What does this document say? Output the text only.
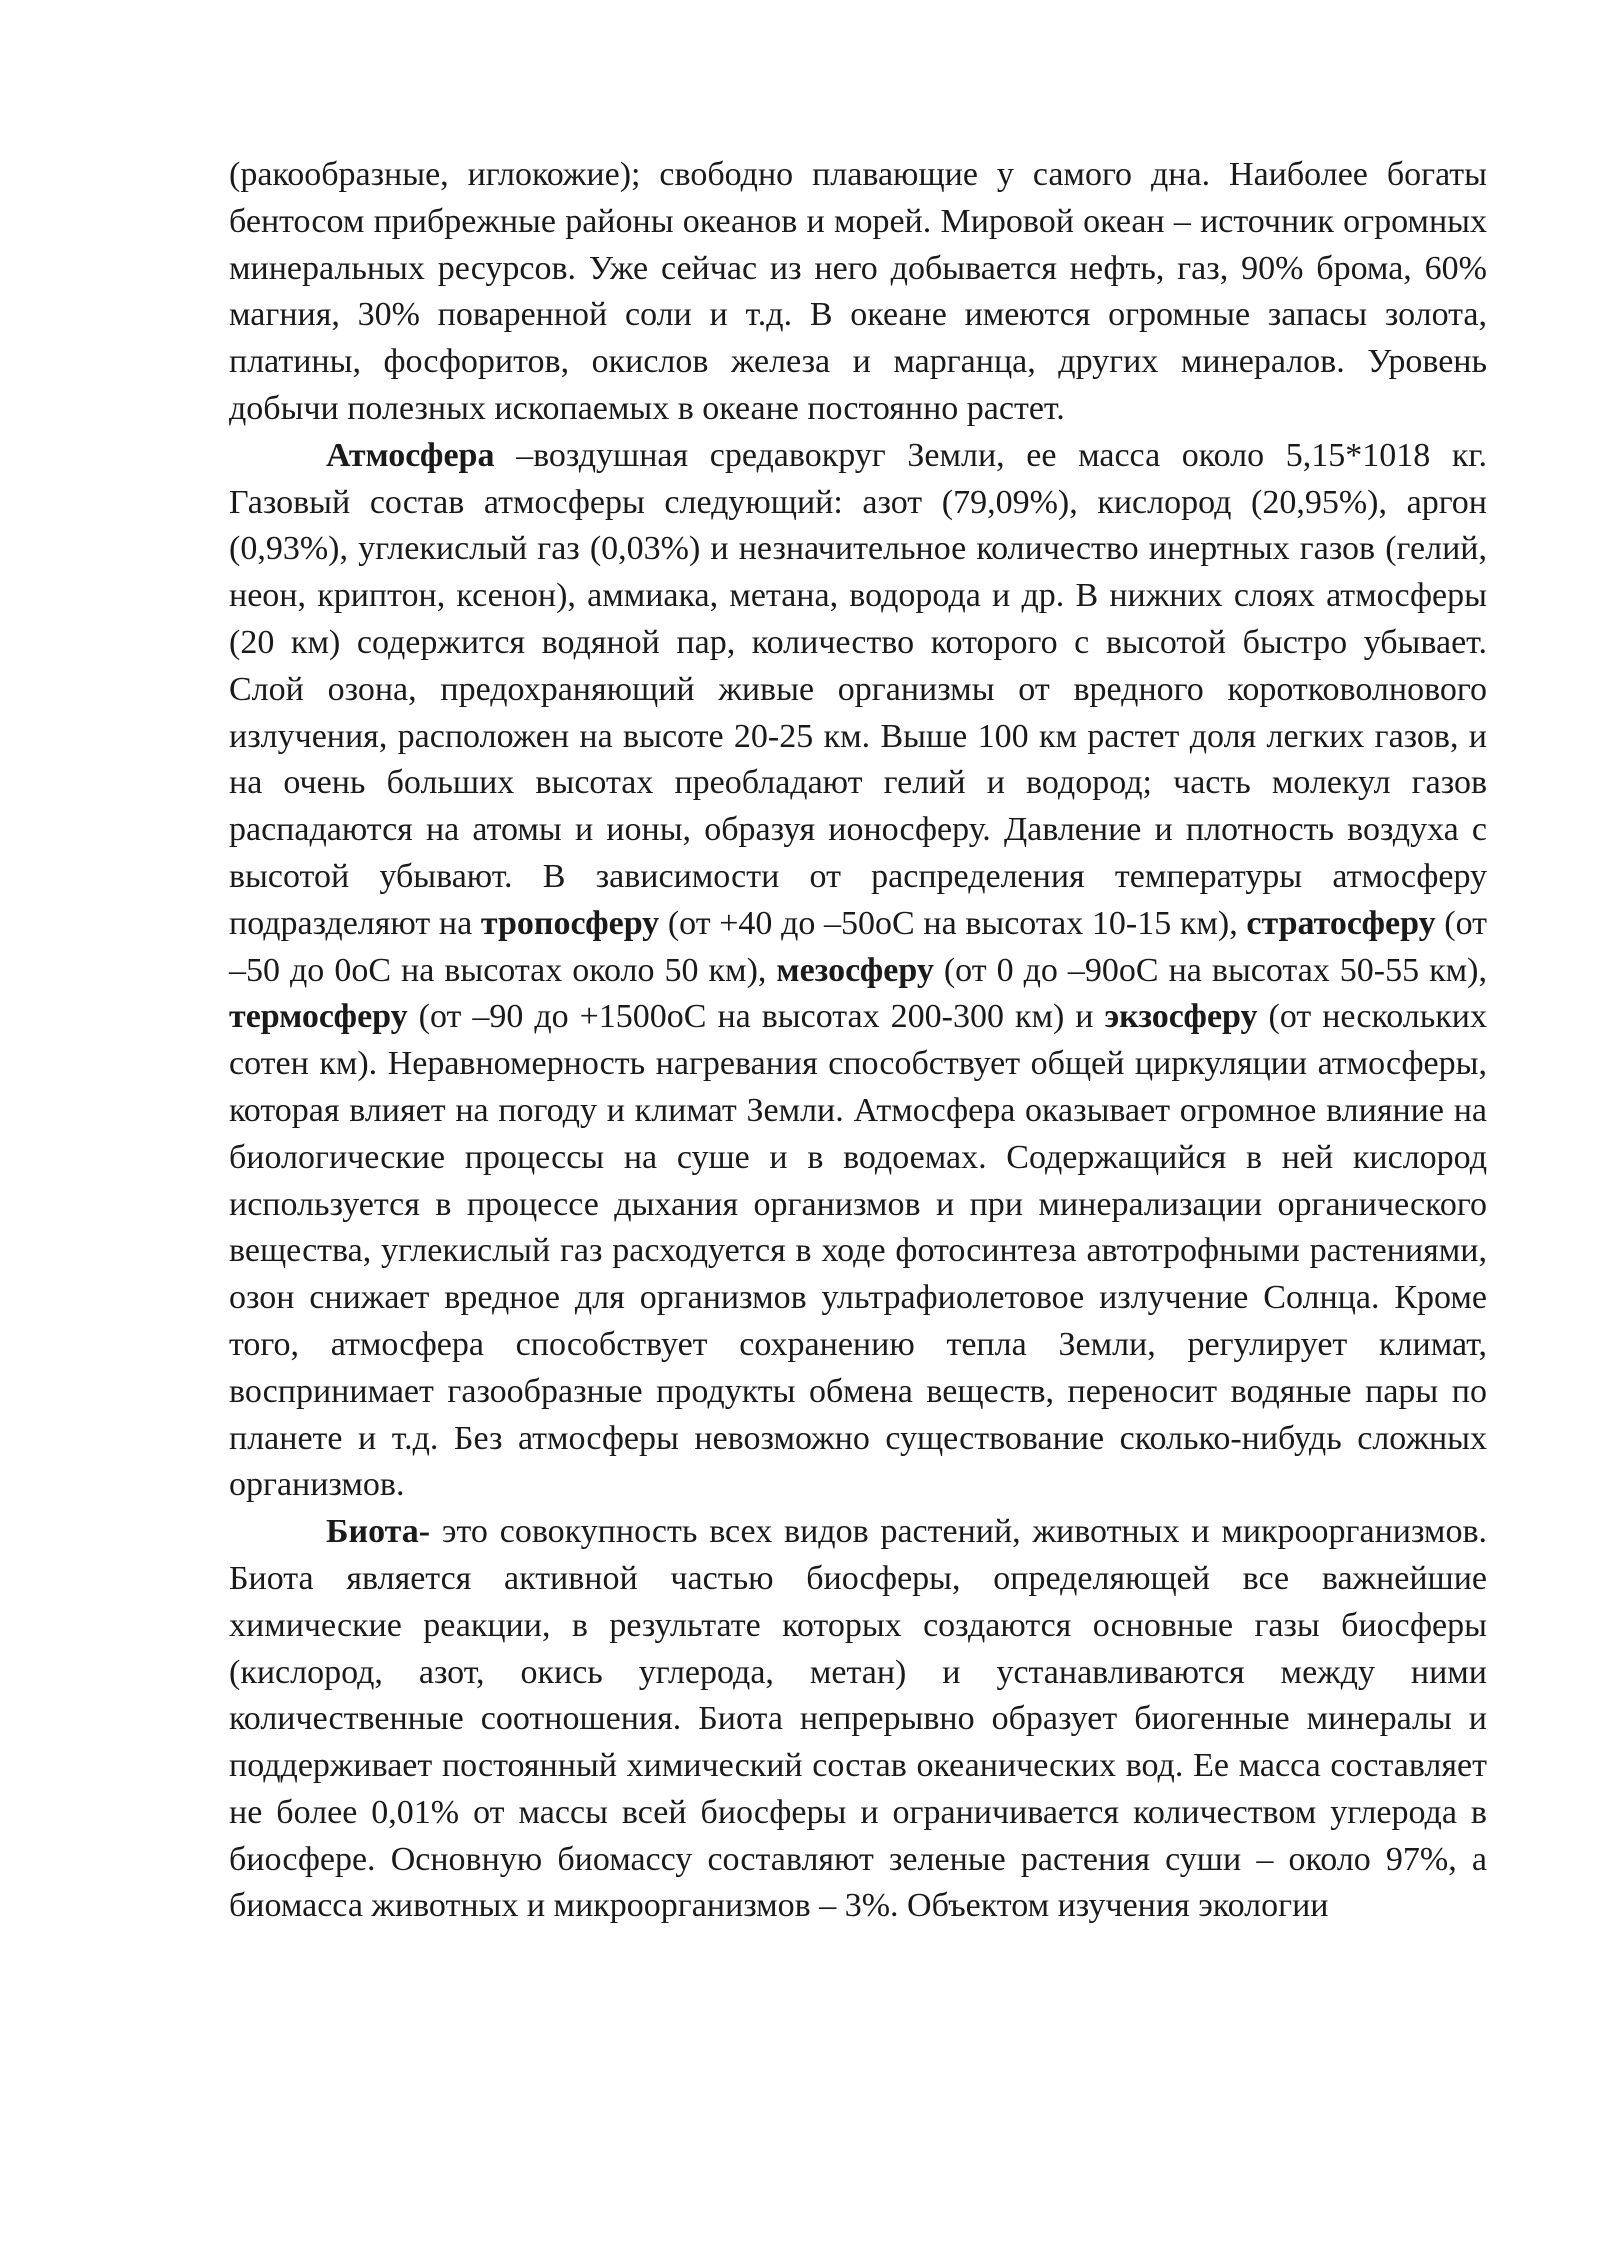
(ракообразные, иглокожие); свободно плавающие у самого дна. Наиболее богаты бентосом прибрежные районы океанов и морей. Мировой океан – источник огромных минеральных ресурсов. Уже сейчас из него добывается нефть, газ, 90% брома, 60% магния, 30% поваренной соли и т.д. В океане имеются огромные запасы золота, платины, фосфоритов, окислов железа и марганца, других минералов. Уровень добычи полезных ископаемых в океане постоянно растет.

Атмосфера –воздушная средавокруг Земли, ее масса около 5,15*1018 кг. Газовый состав атмосферы следующий: азот (79,09%), кислород (20,95%), аргон (0,93%), углекислый газ (0,03%) и незначительное количество инертных газов (гелий, неон, криптон, ксенон), аммиака, метана, водорода и др. В нижних слоях атмосферы (20 км) содержится водяной пар, количество которого с высотой быстро убывает. Слой озона, предохраняющий живые организмы от вредного коротковолнового излучения, расположен на высоте 20-25 км. Выше 100 км растет доля легких газов, и на очень больших высотах преобладают гелий и водород; часть молекул газов распадаются на атомы и ионы, образуя ионосферу. Давление и плотность воздуха с высотой убывают. В зависимости от распределения температуры атмосферу подразделяют на тропосферу (от +40 до –50оС на высотах 10-15 км), стратосферу (от –50 до 0оС на высотах около 50 км), мезосферу (от 0 до –90оС на высотах 50-55 км), термосферу (от –90 до +1500оС на высотах 200-300 км) и экзосферу (от нескольких сотен км). Неравномерность нагревания способствует общей циркуляции атмосферы, которая влияет на погоду и климат Земли. Атмосфера оказывает огромное влияние на биологические процессы на суше и в водоемах. Содержащийся в ней кислород используется в процессе дыхания организмов и при минерализации органического вещества, углекислый газ расходуется в ходе фотосинтеза автотрофными растениями, озон снижает вредное для организмов ультрафиолетовое излучение Солнца. Кроме того, атмосфера способствует сохранению тепла Земли, регулирует климат, воспринимает газообразные продукты обмена веществ, переносит водяные пары по планете и т.д. Без атмосферы невозможно существование сколько-нибудь сложных организмов.

Биота- это совокупность всех видов растений, животных и микроорганизмов. Биота является активной частью биосферы, определяющей все важнейшие химические реакции, в результате которых создаются основные газы биосферы (кислород, азот, окись углерода, метан) и устанавливаются между ними количественные соотношения. Биота непрерывно образует биогенные минералы и поддерживает постоянный химический состав океанических вод. Ее масса составляет не более 0,01% от массы всей биосферы и ограничивается количеством углерода в биосфере. Основную биомассу составляют зеленые растения суши – около 97%, а биомасса животных и микроорганизмов – 3%. Объектом изучения экологии
